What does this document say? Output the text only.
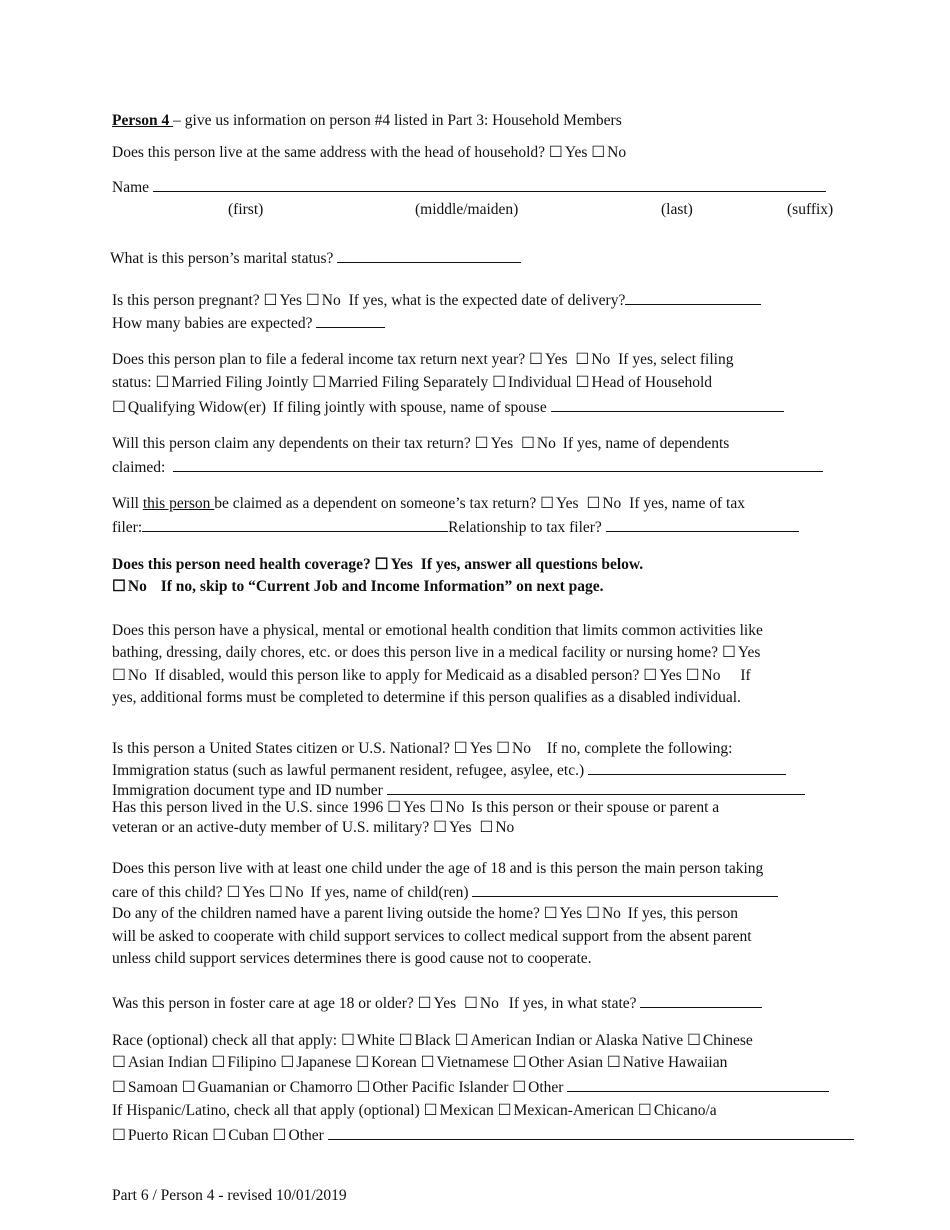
Person 4 – give us information on person #4 listed in Part 3: Household Members
Does this person live at the same address with the head of household? ☐ Yes ☐ No
Name
(first)	(middle/maiden)	(last)	(suffix)
What is this person’s marital status?
Is this person pregnant? ☐ Yes ☐ No If yes, what is the expected date of delivery?
How many babies are expected?
Does this person plan to file a federal income tax return next year? ☐ Yes ☐ No If yes, select filing
status: ☐ Married Filing Jointly ☐ Married Filing Separately ☐ Individual ☐ Head of Household
☐ Qualifying Widow(er) If filing jointly with spouse, name of spouse
Will this person claim any dependents on their tax return? ☐ Yes ☐ No If yes, name of dependents
claimed:
Will this person be claimed as a dependent on someone’s tax return? ☐ Yes ☐ No If yes, name of tax
filer:	Relationship to tax filer?
Does this person need health coverage? ☐ Yes If yes, answer all questions below.
☐ No If no, skip to “Current Job and Income Information” on next page.
Does this person have a physical, mental or emotional health condition that limits common activities like
bathing, dressing, daily chores, etc. or does this person live in a medical facility or nursing home? ☐ Yes
☐ No If disabled, would this person like to apply for Medicaid as a disabled person? ☐ Yes ☐ No If
yes, additional forms must be completed to determine if this person qualifies as a disabled individual.
Is this person a United States citizen or U.S. National? ☐ Yes ☐ No If no, complete the following:
Immigration status (such as lawful permanent resident, refugee, asylee, etc.)
Immigration document type and ID number
Has this person lived in the U.S. since 1996 ☐ Yes ☐ No Is this person or their spouse or parent a
veteran or an active-duty member of U.S. military? ☐ Yes ☐ No
Does this person live with at least one child under the age of 18 and is this person the main person taking
care of this child? ☐ Yes ☐ No If yes, name of child(ren)
Do any of the children named have a parent living outside the home? ☐ Yes ☐ No If yes, this person
will be asked to cooperate with child support services to collect medical support from the absent parent
unless child support services determines there is good cause not to cooperate.
Was this person in foster care at age 18 or older? ☐ Yes ☐ No If yes, in what state?
Race (optional) check all that apply: ☐ White ☐ Black ☐ American Indian or Alaska Native ☐ Chinese
☐ Asian Indian ☐ Filipino ☐ Japanese ☐ Korean ☐ Vietnamese ☐ Other Asian ☐ Native Hawaiian
☐ Samoan ☐ Guamanian or Chamorro ☐ Other Pacific Islander ☐ Other
If Hispanic/Latino, check all that apply (optional) ☐ Mexican ☐ Mexican-American ☐ Chicano/a
☐ Puerto Rican ☐ Cuban ☐ Other
Part 6 / Person 4 - revised 10/01/2019
